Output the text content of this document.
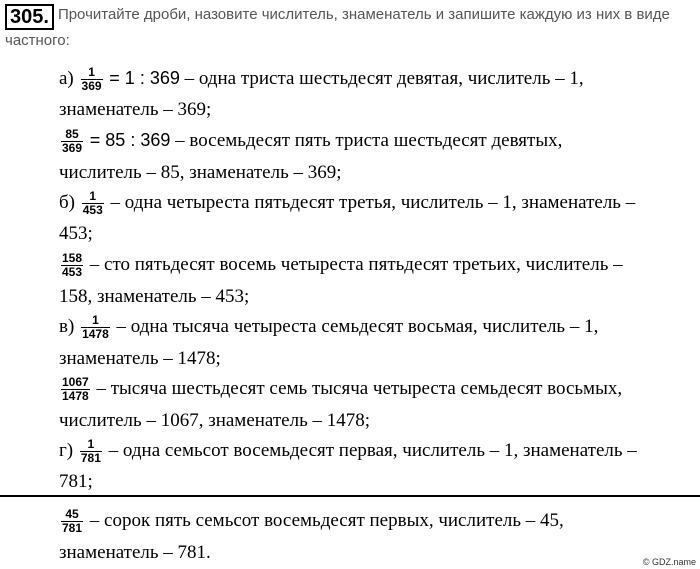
305. Прочитайте дроби, назовите числитель, знаменатель и запишите каждую из них в виде частного:
$а) \frac{1}{369} = 1$ : 369 – одна триста шестьдесят девятая, числитель – 1,
знаменатель – 369;
$\frac{85}{369} = 85$ : 369 – восемьдесят пять триста шестьдесят девятых,
числитель – 85, знаменатель – 369;
$б) \frac{1}{453}$ – одна четыреста пятьдесят третья, числитель – 1, знаменатель –
453;
$\frac{158}{453}$ – сто пятьдесят восемь четыреста пятьдесят третьих, числитель –
158, знаменатель – 453;
$в) \frac{1}{1478}$ – одна тысяча четыреста семьдесят восьмая, числитель – 1,
знаменатель – 1478;
$\frac{1067}{1478}$ – тысяча шестьдесят семь тысяча четыреста семьдесят восьмых,
числитель – 1067, знаменатель – 1478;
$г) \frac{1}{781}$ – одна семьсот восемьдесят первая, числитель – 1, знаменатель –
781;
$\frac{45}{781}$ – сорок пять семьсот восемьдесят первых, числитель – 45,
знаменатель – 781.	© GDZ.name
